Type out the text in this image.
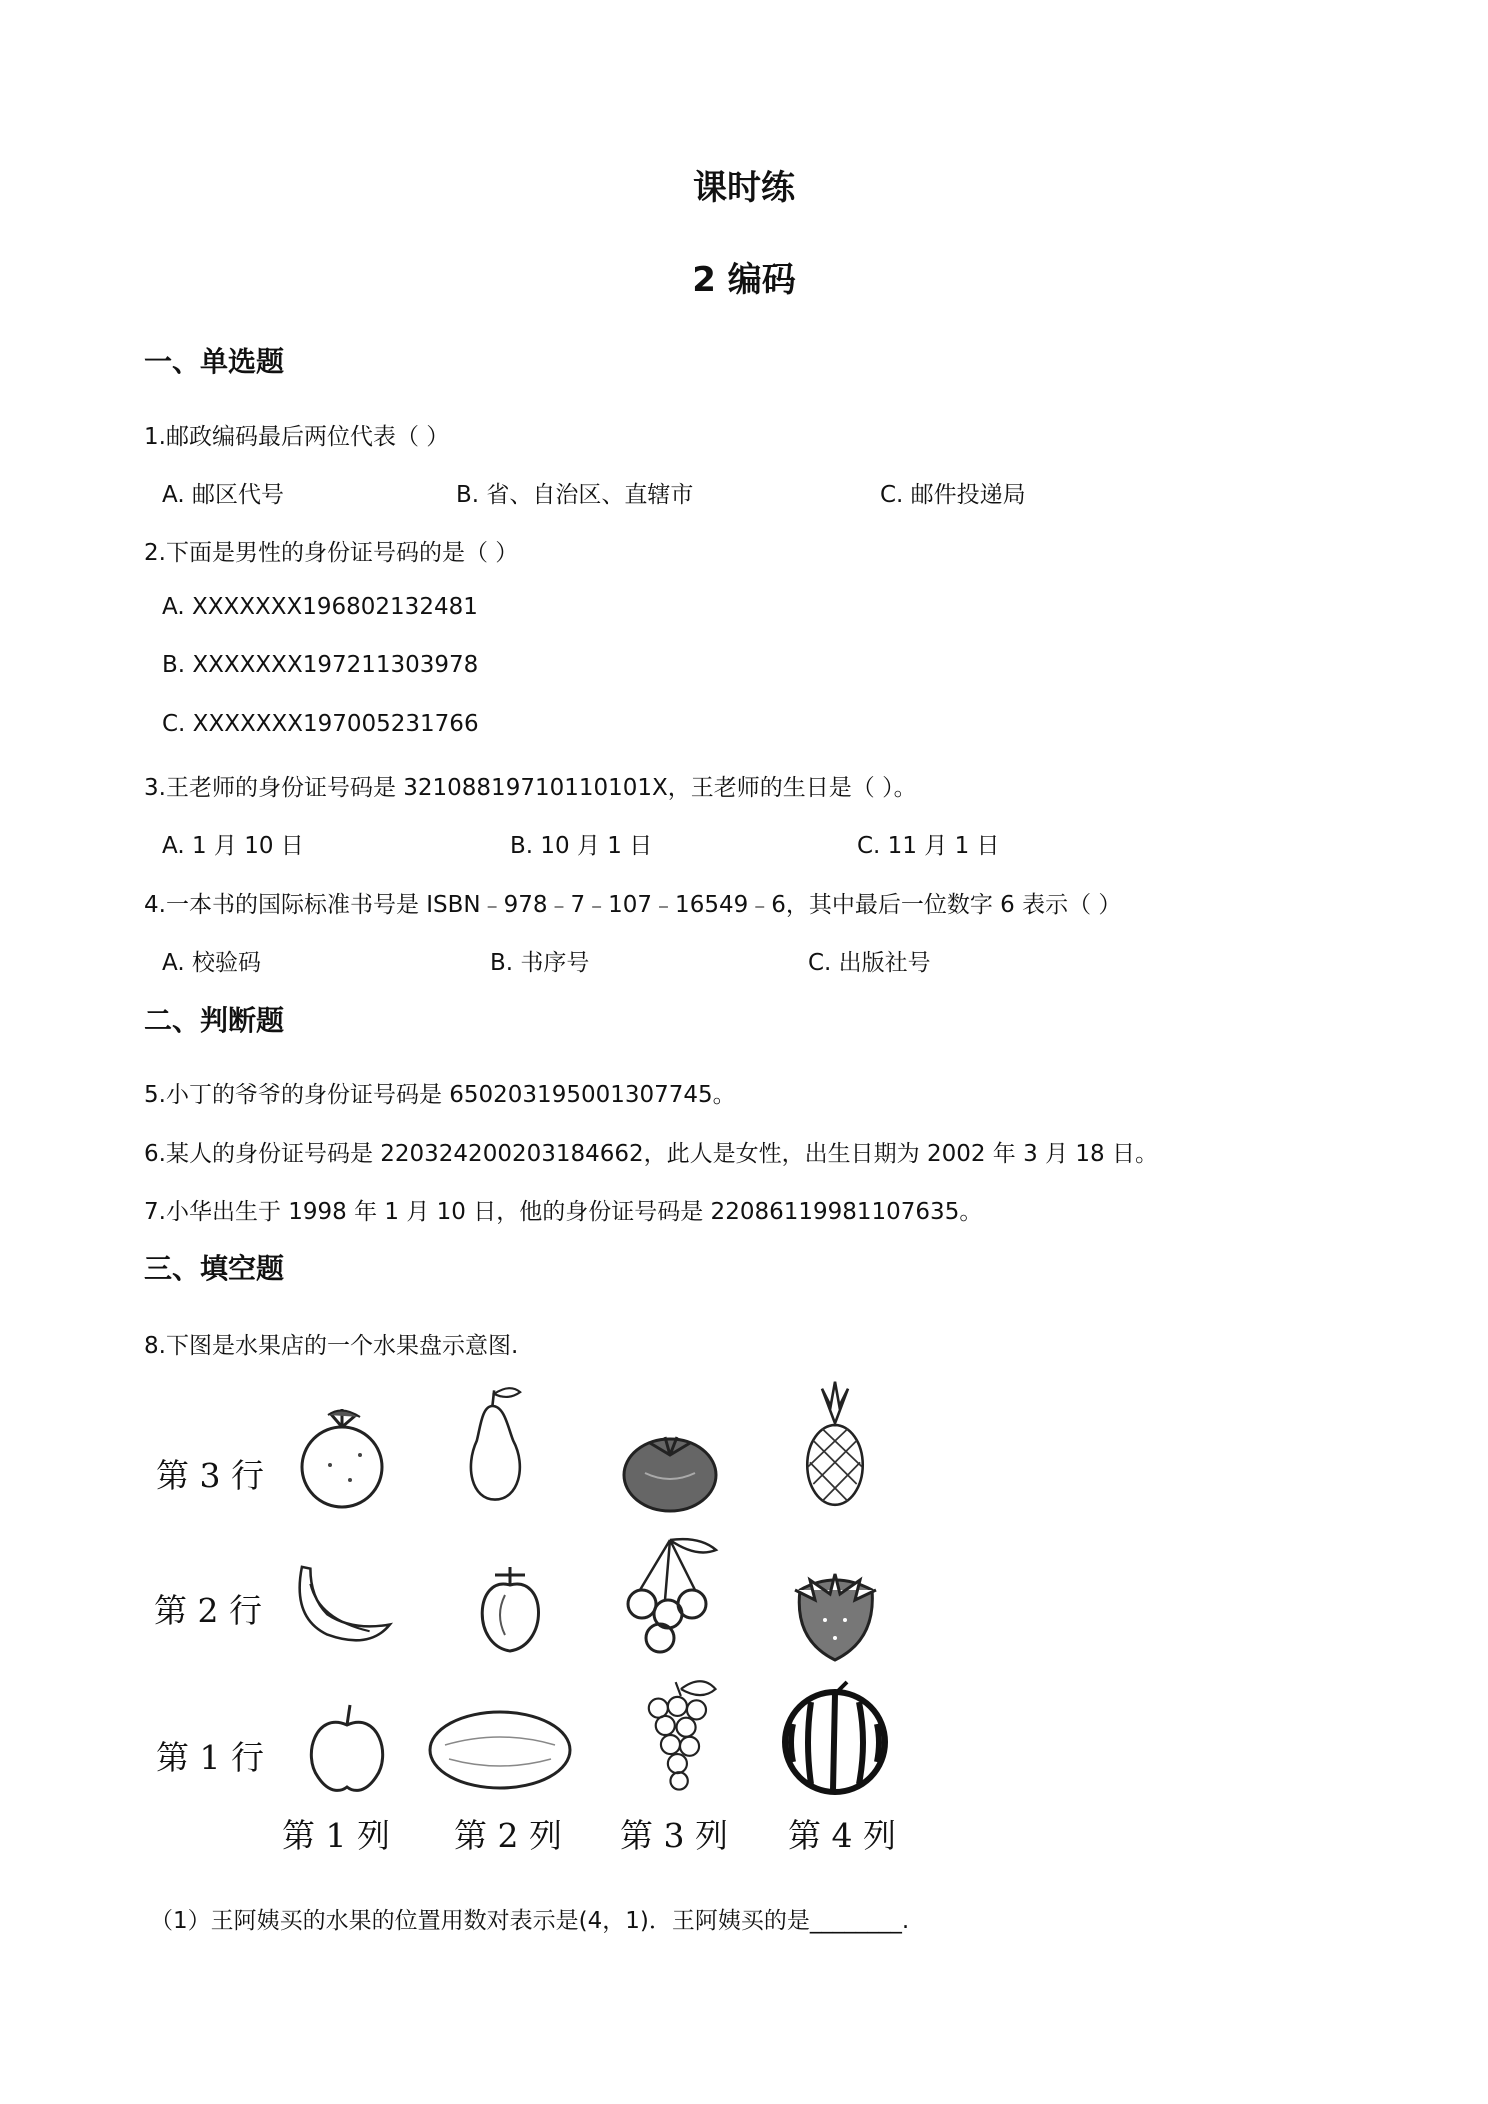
课时练
2 编码
一、单选题
1.邮政编码最后两位代表（ ）
A. 邮区代号	B. 省、自治区、直辖市	C. 邮件投递局
2.下面是男性的身份证号码的是（ ）
A. XXXXXXX196802132481
B. XXXXXXX197211303978
C. XXXXXXX197005231766
3.王老师的身份证号码是 32108819710110101X，王老师的生日是（ ）。
A. 1 月 10 日	B. 10 月 1 日	C. 11 月 1 日
4.一本书的国际标准书号是 ISBN﹣978﹣7﹣107﹣16549﹣6，其中最后一位数字 6 表示（ ）
A. 校验码	B. 书序号	C. 出版社号
二、判断题
5.小丁的爷爷的身份证号码是 650203195001307745。
6.某人的身份证号码是 220324200203184662，此人是女性，出生日期为 2002 年 3 月 18 日。
7.小华出生于 1998 年 1 月 10 日，他的身份证号码是 22086119981107635。
三、填空题
8.下图是水果店的一个水果盘示意图.
第 3 行
第 2 行
第 1 行
第 1 列 第 2 列 第 3 列 第 4 列
（1）王阿姨买的水果的位置用数对表示是(4，1)．王阿姨买的是________.
